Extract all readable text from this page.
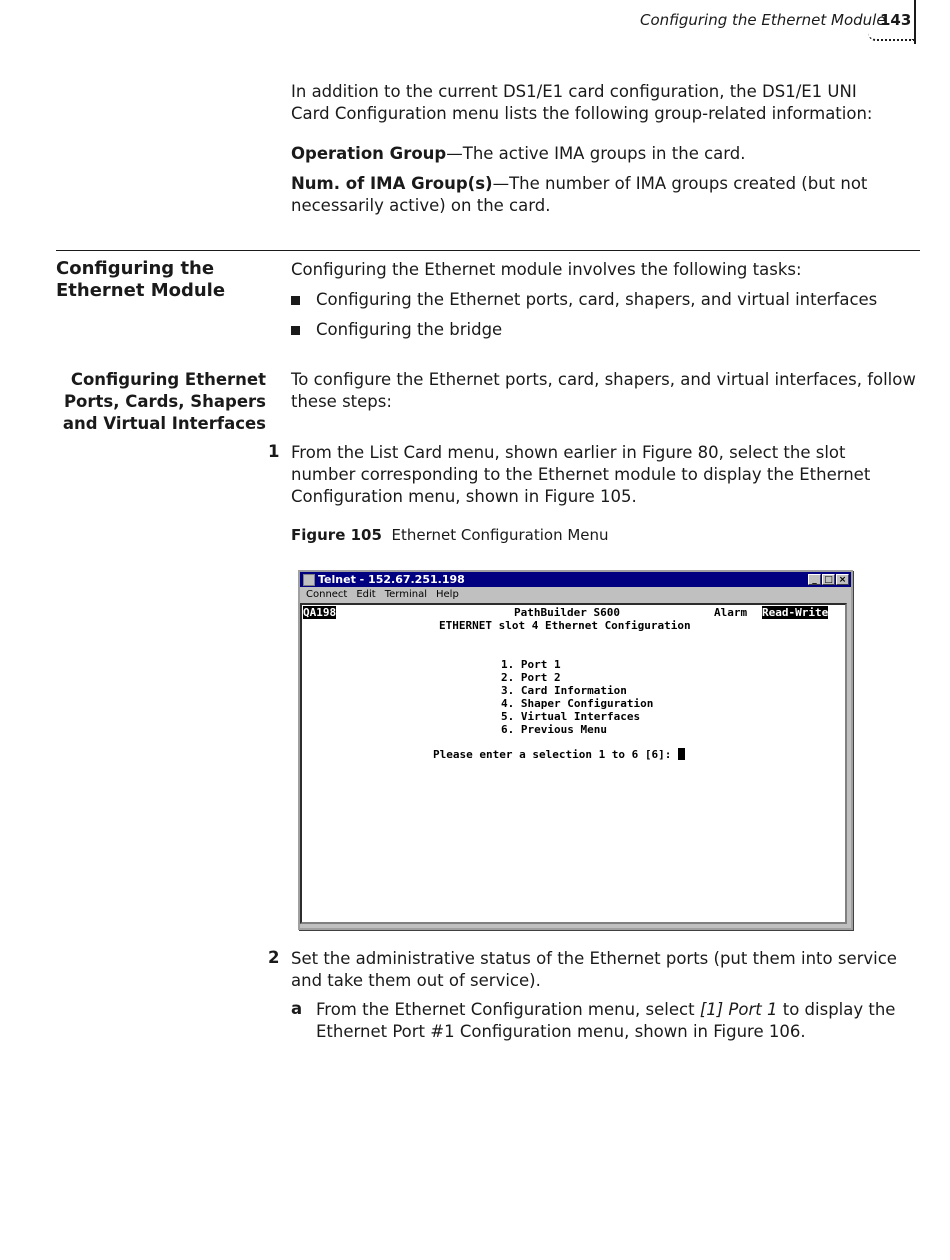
Configuring the Ethernet Module
143
In addition to the current DS1/E1 card configuration, the DS1/E1 UNI Card Configuration menu lists the following group-related information:
Operation Group—The active IMA groups in the card.
Num. of IMA Group(s)—The number of IMA groups created (but not necessarily active) on the card.
Configuring the
Ethernet Module
Configuring the Ethernet module involves the following tasks:
Configuring the Ethernet ports, card, shapers, and virtual interfaces
Configuring the bridge
Configuring Ethernet
Ports, Cards, Shapers
and Virtual Interfaces
To configure the Ethernet ports, card, shapers, and virtual interfaces, follow these steps:
1 From the List Card menu, shown earlier in Figure 80, select the slot number corresponding to the Ethernet module to display the Ethernet Configuration menu, shown in Figure 105.
Figure 105 Ethernet Configuration Menu
Telnet - 152.67.251.198	_ □ ×
Connect Edit Terminal Help
QA198	PathBuilder S600	Alarm Read-Write
ETHERNET slot 4 Ethernet Configuration
1. Port 1
2. Port 2
3. Card Information
4. Shaper Configuration
5. Virtual Interfaces
6. Previous Menu
Please enter a selection 1 to 6 [6]:
2 Set the administrative status of the Ethernet ports (put them into service and take them out of service).
a From the Ethernet Configuration menu, select [1] Port 1 to display the Ethernet Port #1 Configuration menu, shown in Figure 106.
